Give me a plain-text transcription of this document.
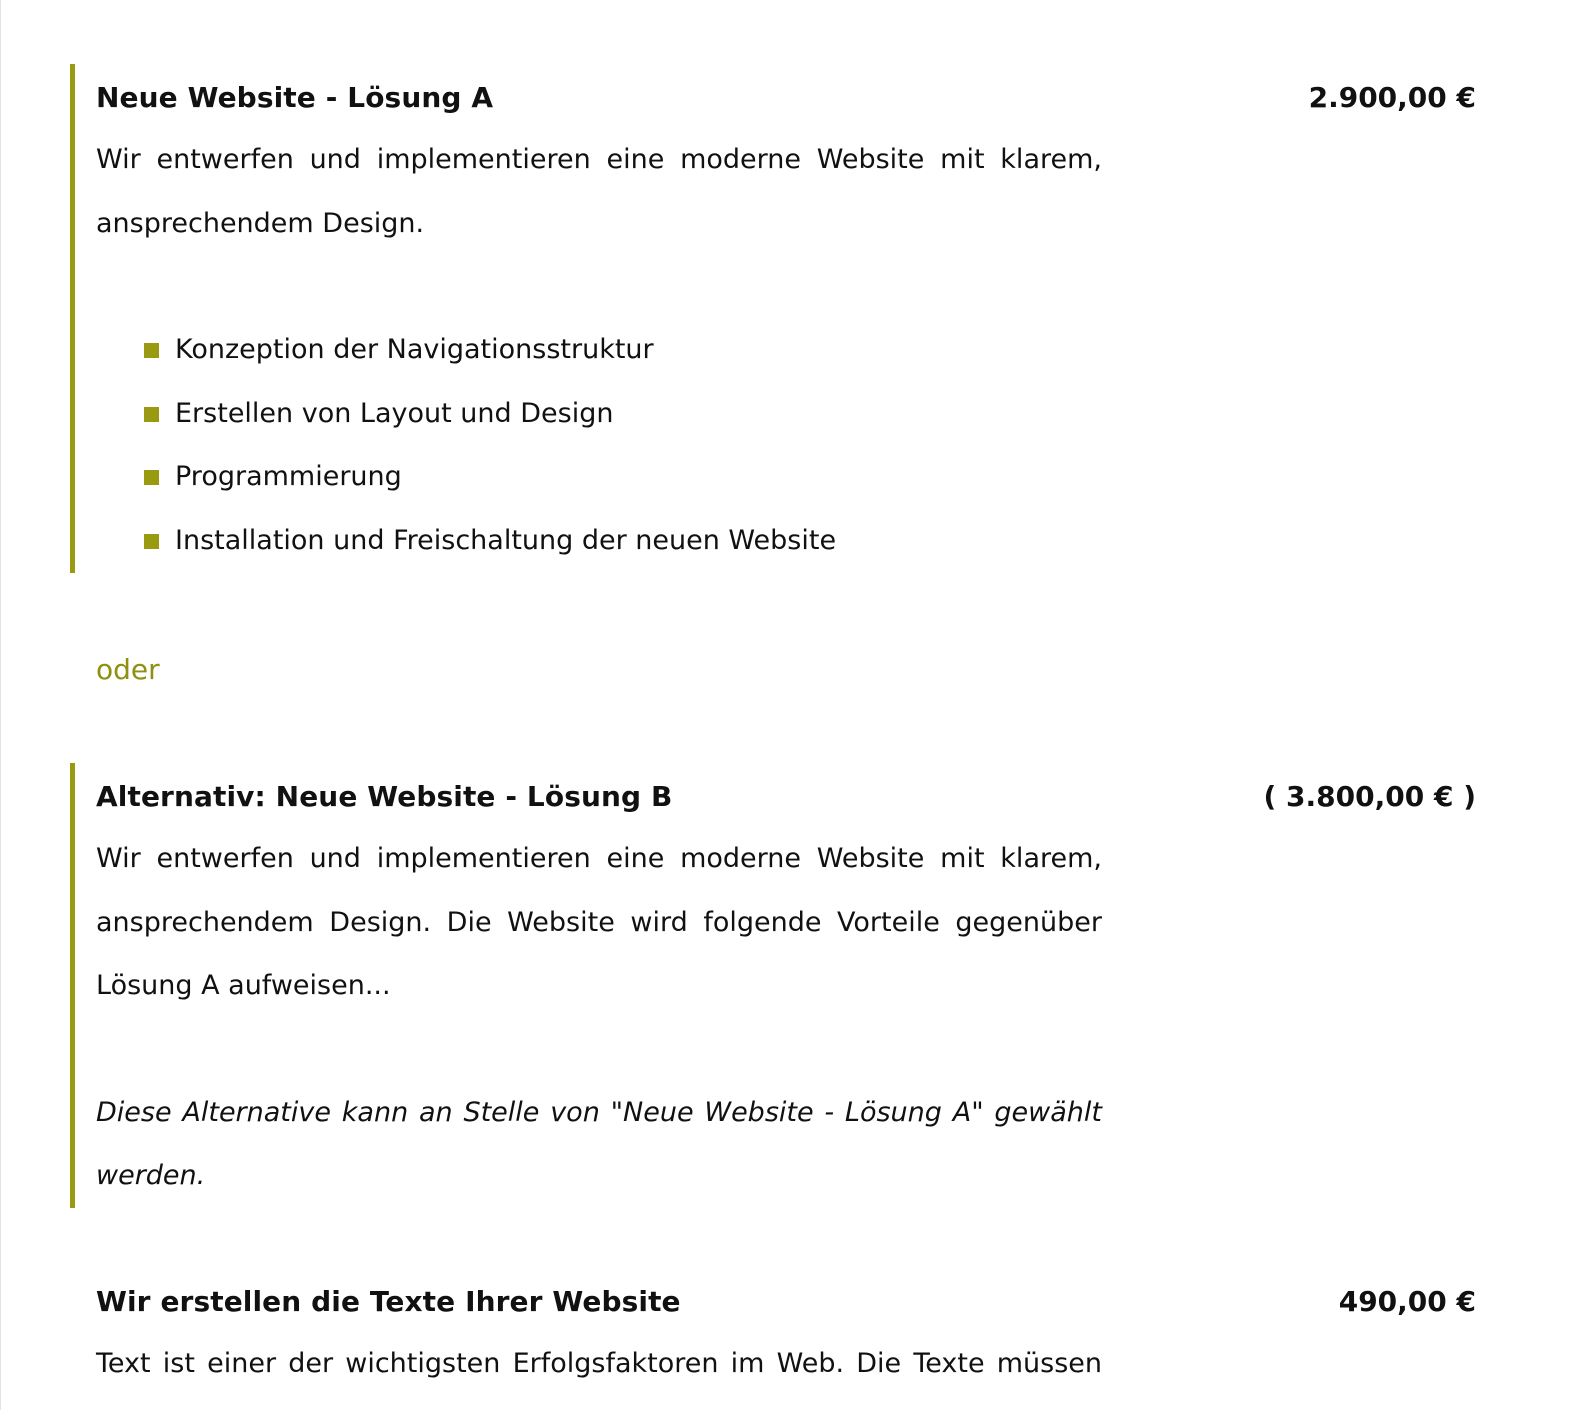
Neue Website - Lösung A	2.900,00 €

Wir entwerfen und implementieren eine moderne Website mit klarem,

ansprechendem Design.

Konzeption der Navigationsstruktur
Erstellen von Layout und Design
Programmierung
Installation und Freischaltung der neuen Website
oder
Alternativ: Neue Website - Lösung B	( 3.800,00 € )

Wir entwerfen und implementieren eine moderne Website mit klarem,

ansprechendem Design. Die Website wird folgende Vorteile gegenüber

Lösung A aufweisen...

Diese Alternative kann an Stelle von "Neue Website - Lösung A" gewählt

werden.

Wir erstellen die Texte Ihrer Website	490,00 €

Text ist einer der wichtigsten Erfolgsfaktoren im Web. Die Texte müssen
